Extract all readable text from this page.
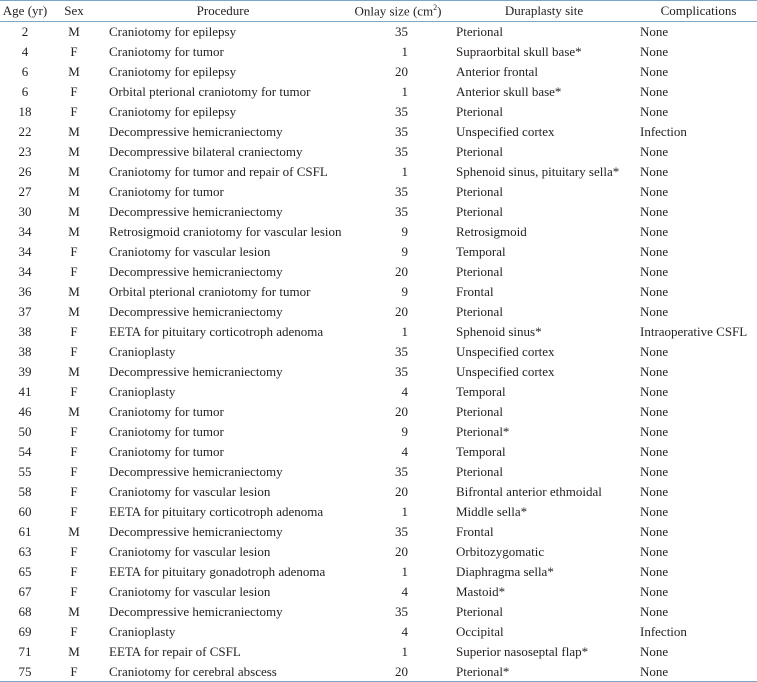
Age (yr)	Sex	Procedure	Onlay size $(cm^2)$	Duraplasty site	Complications
2	M	Craniotomy for epilepsy	35	Pterional	None
4	F	Craniotomy for tumor	1	Supraorbital skull base*	None
6	M	Craniotomy for epilepsy	20	Anterior frontal	None
6	F	Orbital pterional craniotomy for tumor	1	Anterior skull base*	None
18	F	Craniotomy for epilepsy	35	Pterional	None
22	M	Decompressive hemicraniectomy	35	Unspecified cortex	Infection
23	M	Decompressive bilateral craniectomy	35	Pterional	None
26	M	Craniotomy for tumor and repair of CSFL	1	Sphenoid sinus, pituitary sella*	None
27	M	Craniotomy for tumor	35	Pterional	None
30	M	Decompressive hemicraniectomy	35	Pterional	None
34	M	Retrosigmoid craniotomy for vascular lesion	9	Retrosigmoid	None
34	F	Craniotomy for vascular lesion	9	Temporal	None
34	F	Decompressive hemicraniectomy	20	Pterional	None
36	M	Orbital pterional craniotomy for tumor	9	Frontal	None
37	M	Decompressive hemicraniectomy	20	Pterional	None
38	F	EETA for pituitary corticotroph adenoma	1	Sphenoid sinus*	Intraoperative CSFL
38	F	Cranioplasty	35	Unspecified cortex	None
39	M	Decompressive hemicraniectomy	35	Unspecified cortex	None
41	F	Cranioplasty	4	Temporal	None
46	M	Craniotomy for tumor	20	Pterional	None
50	F	Craniotomy for tumor	9	Pterional*	None
54	F	Craniotomy for tumor	4	Temporal	None
55	F	Decompressive hemicraniectomy	35	Pterional	None
58	F	Craniotomy for vascular lesion	20	Bifrontal anterior ethmoidal	None
60	F	EETA for pituitary corticotroph adenoma	1	Middle sella*	None
61	M	Decompressive hemicraniectomy	35	Frontal	None
63	F	Craniotomy for vascular lesion	20	Orbitozygomatic	None
65	F	EETA for pituitary gonadotroph adenoma	1	Diaphragma sella*	None
67	F	Craniotomy for vascular lesion	4	Mastoid*	None
68	M	Decompressive hemicraniectomy	35	Pterional	None
69	F	Cranioplasty	4	Occipital	Infection
71	M	EETA for repair of CSFL	1	Superior nasoseptal flap*	None
75	F	Craniotomy for cerebral abscess	20	Pterional*	None
